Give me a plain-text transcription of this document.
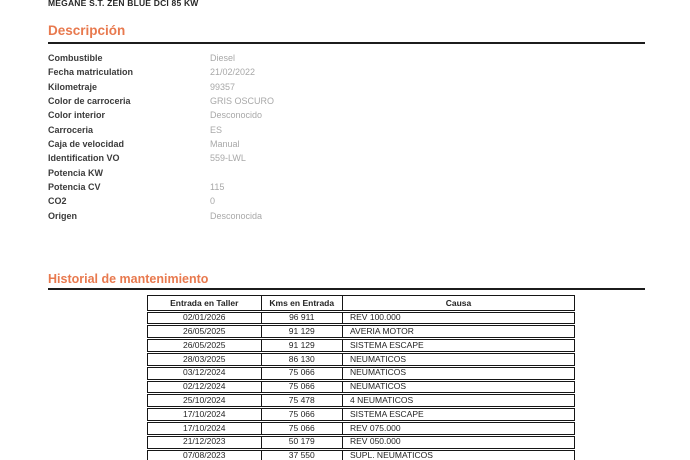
MEGANE S.T. ZEN BLUE DCI 85 KW
Descripción
Combustible	Diesel
Fecha matriculation	21/02/2022
Kilometraje	99357
Color de carroceria	GRIS OSCURO
Color interior	Desconocido
Carroceria	ES
Caja de velocidad	Manual
Identification VO	559-LWL
Potencia KW
Potencia CV	115
CO2	0
Origen	Desconocida
Historial de mantenimiento
Entrada en Taller	Kms en Entrada	Causa
02/01/2026	96 911	REV 100.000
26/05/2025	91 129	AVERIA MOTOR
26/05/2025	91 129	SISTEMA ESCAPE
28/03/2025	86 130	NEUMATICOS
03/12/2024	75 066	NEUMATICOS
02/12/2024	75 066	NEUMATICOS
25/10/2024	75 478	4 NEUMATICOS
17/10/2024	75 066	SISTEMA ESCAPE
17/10/2024	75 066	REV 075.000
21/12/2023	50 179	REV 050.000
07/08/2023	37 550	SUPL. NEUMATICOS
